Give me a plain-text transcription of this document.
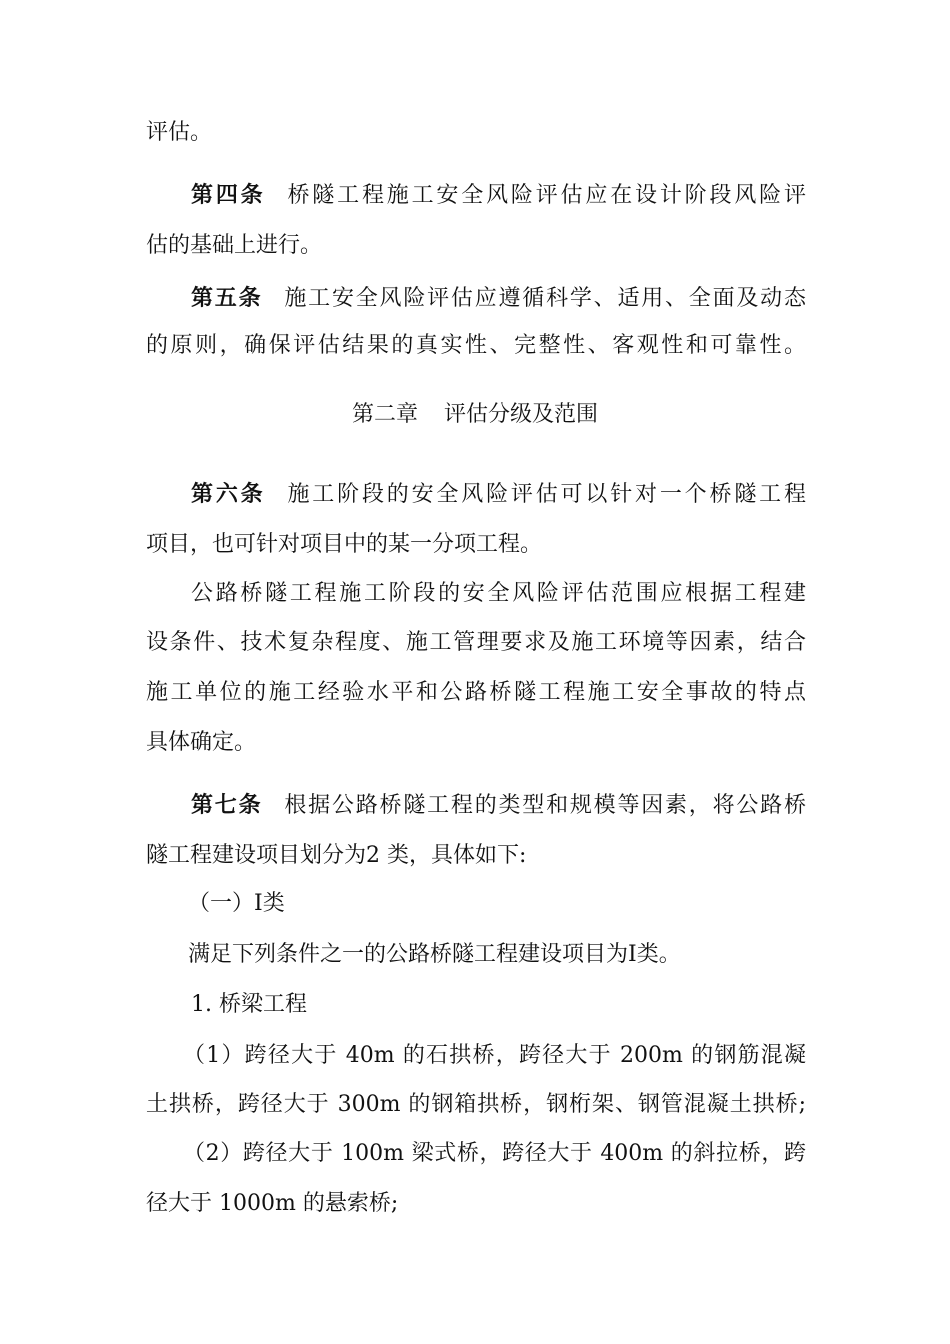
评估。
第四条 桥隧工程施工安全风险评估应在设计阶段风险评
估的基础上进行。
第五条 施工安全风险评估应遵循科学、适用、全面及动态
的原则，确保评估结果的真实性、完整性、客观性和可靠性。
第二章 评估分级及范围
第六条 施工阶段的安全风险评估可以针对一个桥隧工程
项目，也可针对项目中的某一分项工程。
公路桥隧工程施工阶段的安全风险评估范围应根据工程建
设条件、技术复杂程度、施工管理要求及施工环境等因素，结合
施工单位的施工经验水平和公路桥隧工程施工安全事故的特点
具体确定。
第七条 根据公路桥隧工程的类型和规模等因素，将公路桥
隧工程建设项目划分为2 类，具体如下:
（一）Ⅰ类
满足下列条件之一的公路桥隧工程建设项目为Ⅰ类。
1. 桥梁工程
（1）跨径大于 40m 的石拱桥，跨径大于 200m 的钢筋混凝
土拱桥，跨径大于 300m 的钢箱拱桥，钢桁架、钢管混凝土拱桥;
（2）跨径大于 100m 梁式桥，跨径大于 400m 的斜拉桥，跨
径大于 1000m 的悬索桥;
